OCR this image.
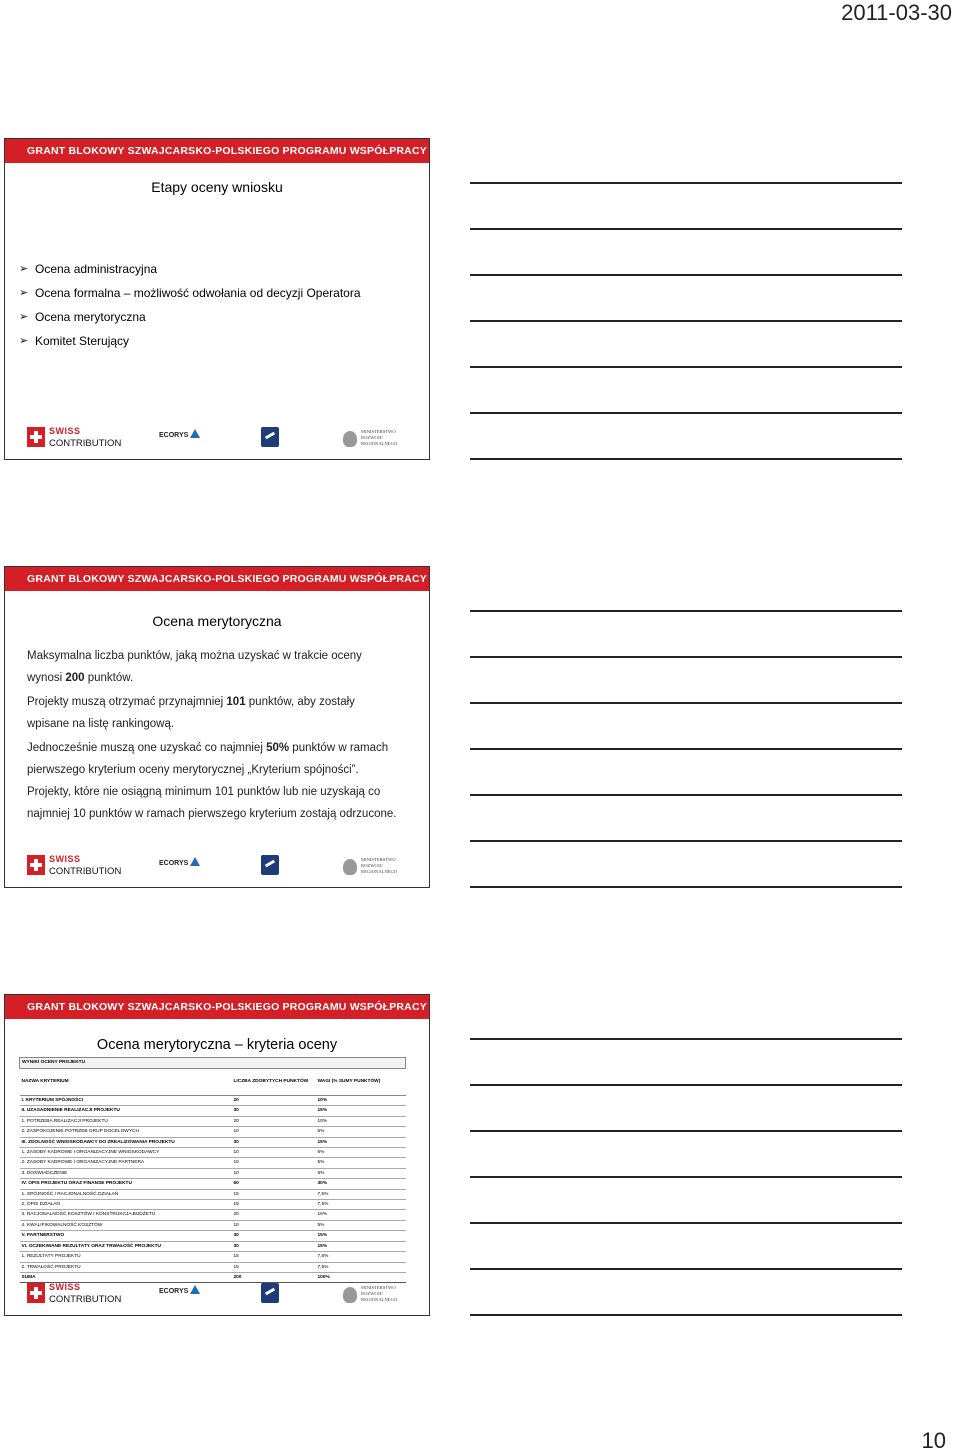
2011-03-30
GRANT BLOKOWY SZWAJCARSKO-POLSKIEGO PROGRAMU WSPÓŁPRACY
Etapy oceny wniosku
➢ Ocena administracyjna
➢ Ocena formalna – możliwość odwołania od decyzji Operatora
➢ Ocena merytoryczna
➢ Komitet Sterujący
SWISS
CONTRIBUTION
ECORYS
MINISTERSTWO
ROZWOJU
REGIONALNEGO
GRANT BLOKOWY SZWAJCARSKO-POLSKIEGO PROGRAMU WSPÓŁPRACY
Ocena merytoryczna
Maksymalna liczba punktów, jaką można uzyskać w trakcie oceny wynosi 200 punktów.
Projekty muszą otrzymać przynajmniej 101 punktów, aby zostały wpisane na listę rankingową.
Jednocześnie muszą one uzyskać co najmniej 50% punktów w ramach pierwszego kryterium oceny merytorycznej „Kryterium spójności”. Projekty, które nie osiągną minimum 101 punktów lub nie uzyskają co najmniej 10 punktów w ramach pierwszego kryterium zostają odrzucone.
SWISS
CONTRIBUTION
ECORYS
MINISTERSTWO
ROZWOJU
REGIONALNEGO
GRANT BLOKOWY SZWAJCARSKO-POLSKIEGO PROGRAMU WSPÓŁPRACY
Ocena merytoryczna – kryteria oceny
WYNIKI OCENY PROJEKTU		
NAZWA KRYTERIUM	LICZBA ZDOBYTYCH PUNKTÓW	WAGI (% SUMY PUNKTÓW)
I. KRYTERIUM SPÓJNOŚCI	20	10%
II. UZASADNIENIE REALIZACJI PROJEKTU	30	15%
1. POTRZEBA REALIZACJI PROJEKTU	20	10%
2. ZASPOKOJENIE POTRZEB GRUP DOCELOWYCH	10	5%
III. ZDOLNOŚĆ WNIOSKODAWCY DO ZREALIZOWANIA PROJEKTU	30	15%
1. ZASOBY KADROWE I ORGANIZACYJNE WNIOSKODAWCY	10	5%
2. ZASOBY KADROWE I ORGANIZACYJNE PARTNERA	10	5%
3. DOŚWIADCZENIE	10	5%
IV. OPIS PROJEKTU ORAZ FINANSE PROJEKTU	60	30%
1. SPÓJNOŚĆ I RACJONALNOŚĆ DZIAŁAŃ	15	7,5%
2. OPIS DZIAŁAŃ	15	7,5%
3. RACJONALNOŚĆ KOSZTÓW I KONSTRUKCJA BUDŻETU	20	10%
4. KWALIFIKOWALNOŚĆ KOSZTÓW	10	5%
V. PARTNERSTWO	30	15%
VI. OCZEKIWANE REZULTATY ORAZ TRWAŁOŚĆ PROJEKTU	30	15%
1. REZULTATY PROJEKTU	15	7,5%
2. TRWAŁOŚĆ PROJEKTU	15	7,5%
SUMA	200	100%
SWISS
CONTRIBUTION
ECORYS
MINISTERSTWO
ROZWOJU
REGIONALNEGO
10
